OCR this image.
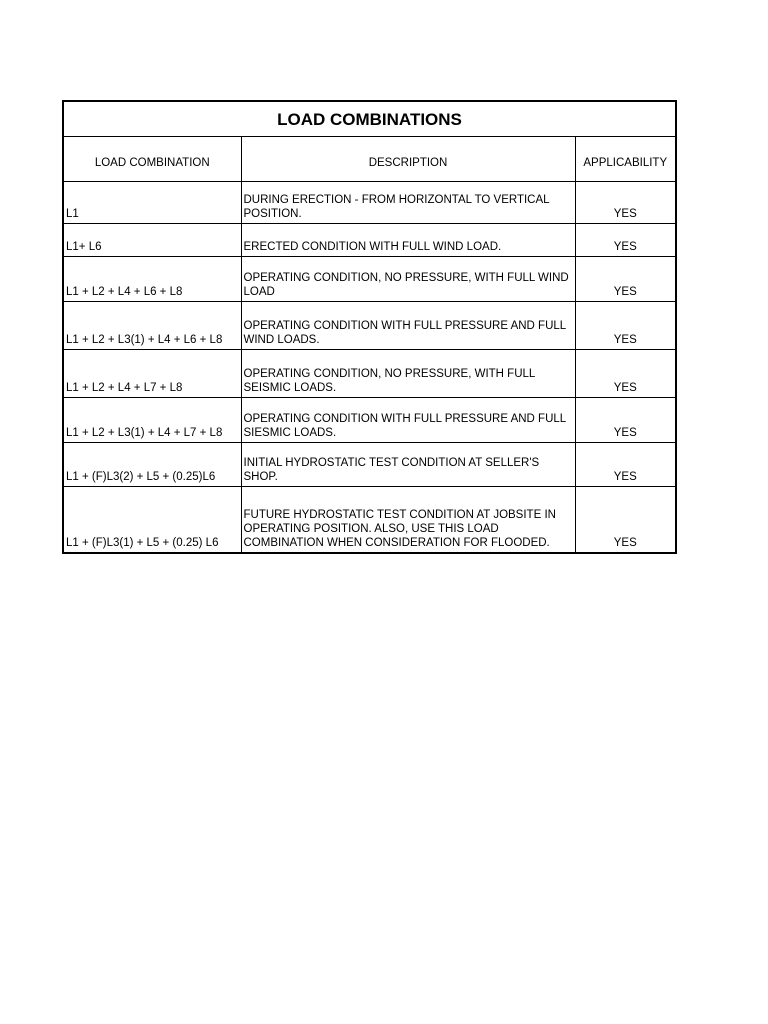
LOAD COMBINATIONS		
LOAD COMBINATION	DESCRIPTION	APPLICABILITY
L1	DURING ERECTION - FROM HORIZONTAL TO VERTICAL POSITION.	YES
L1+ L6	ERECTED CONDITION WITH FULL WIND LOAD.	YES
L1 + L2 + L4 + L6 + L8	OPERATING CONDITION, NO PRESSURE, WITH FULL WIND LOAD	YES
L1 + L2 + L3(1) + L4 + L6 + L8	OPERATING CONDITION WITH FULL PRESSURE AND FULL WIND LOADS.	YES
L1 + L2 + L4 + L7 + L8	OPERATING CONDITION, NO PRESSURE, WITH FULL SEISMIC LOADS.	YES
L1 + L2 + L3(1) + L4 + L7 + L8	OPERATING CONDITION WITH FULL PRESSURE AND FULL SIESMIC LOADS.	YES
L1 + (F)L3(2) + L5 + (0.25)L6	INITIAL HYDROSTATIC TEST CONDITION AT SELLER'S SHOP.	YES
L1 + (F)L3(1) + L5 + (0.25) L6	FUTURE HYDROSTATIC TEST CONDITION AT JOBSITE IN OPERATING POSITION. ALSO, USE THIS LOAD COMBINATION WHEN CONSIDERATION FOR FLOODED.	YES
